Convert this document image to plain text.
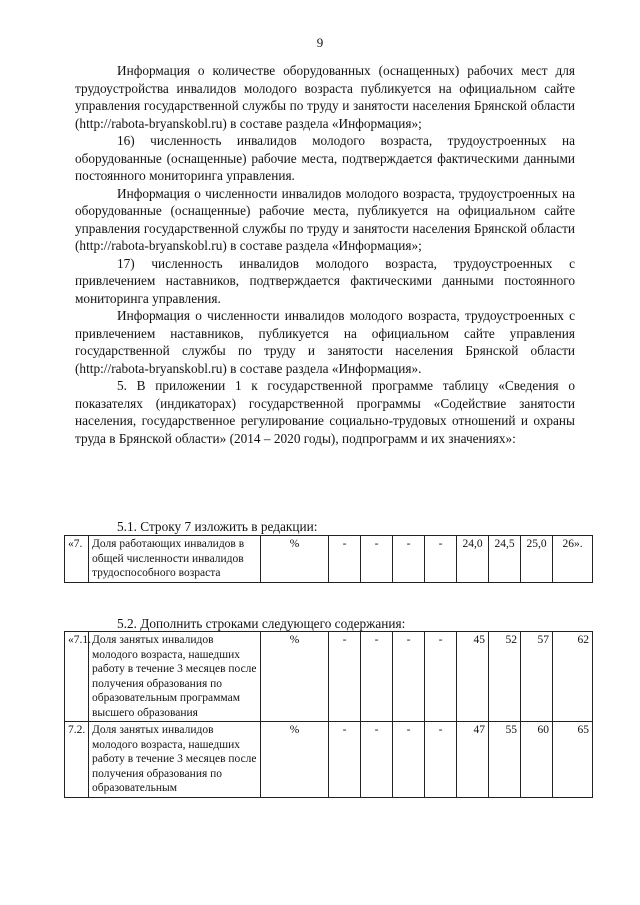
9

Информация о количестве оборудованных (оснащенных) рабочих мест для трудоустройства инвалидов молодого возраста публикуется на официальном сайте управления государственной службы по труду и занятости населения Брянской области (http://rabota-bryanskobl.ru) в составе раздела «Информация»;

16) численность инвалидов молодого возраста, трудоустроенных на оборудованные (оснащенные) рабочие места, подтверждается фактическими данными постоянного мониторинга управления.

Информация о численности инвалидов молодого возраста, трудоустроенных на оборудованные (оснащенные) рабочие места, публикуется на официальном сайте управления государственной службы по труду и занятости населения Брянской области (http://rabota-bryanskobl.ru) в составе раздела «Информация»;

17) численность инвалидов молодого возраста, трудоустроенных с привлечением наставников, подтверждается фактическими данными постоянного мониторинга управления.

Информация о численности инвалидов молодого возраста, трудоустроенных с привлечением наставников, публикуется на официальном сайте управления государственной службы по труду и занятости населения Брянской области (http://rabota-bryanskobl.ru) в составе раздела «Информация».

5. В приложении 1 к государственной программе таблицу «Сведения о показателях (индикаторах) государственной программы «Содействие занятости населения, государственное регулирование социально-трудовых отношений и охраны труда в Брянской области» (2014 – 2020 годы), подпрограмм и их значениях»:

5.1. Строку 7 изложить в редакции:
«7.	Доля работающих инвалидов в общей численности инвалидов трудоспособного возраста	%	-	-	-	-	24,0	24,5	25,0	26».
5.2. Дополнить строками следующего содержания:
«7.1.	Доля занятых инвалидов молодого возраста, нашедших работу в течение 3 месяцев после получения образования по образовательным программам высшего образования	%	-	-	-	-	45	52	57	62
7.2.	Доля занятых инвалидов молодого возраста, нашедших работу в течение 3 месяцев после получения образования по образовательным	%	-	-	-	-	47	55	60	65
